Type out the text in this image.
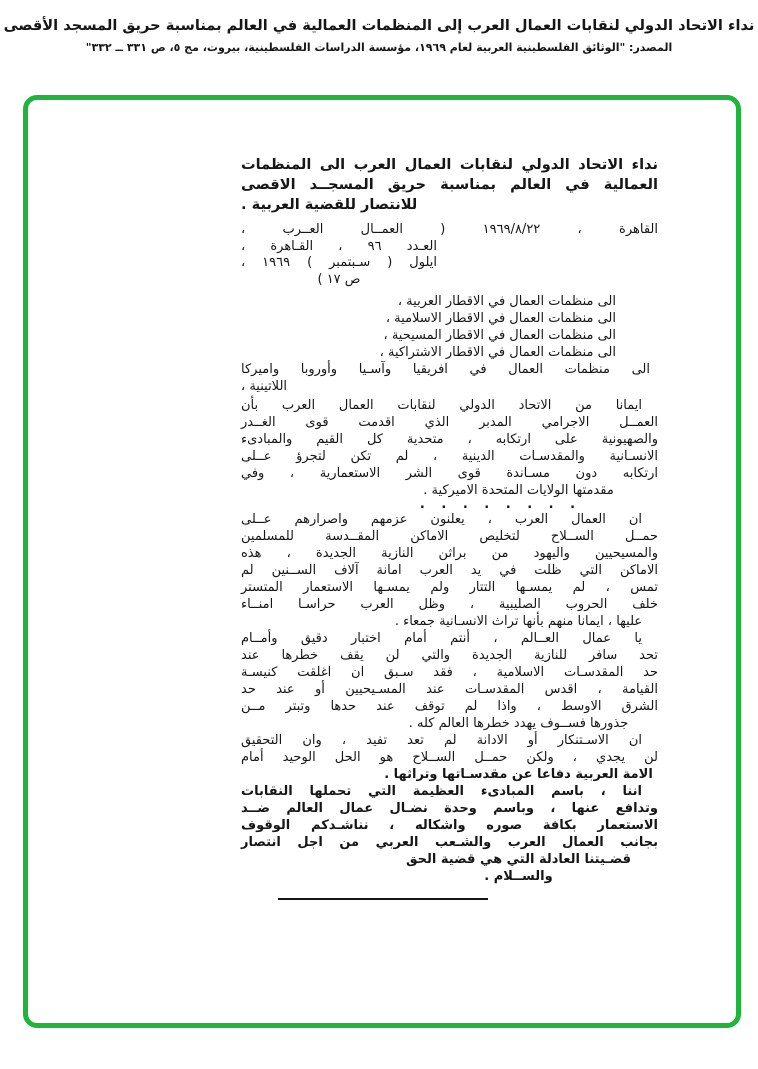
نداء الاتحاد الدولي لنقابات العمال العرب إلى المنظمات العمالية في العالم بمناسبة حريق المسجد الأقصى
المصدر: "الوثائق الفلسطينية العربية لعام ١٩٦٩، مؤسسة الدراسات الفلسطينية، بيروت، مج ٥، ص ٣٣١ ــ ٣٣٢"
نداء الاتحاد الدولي لنقابات العمال العرب الى المنظمات
العمالية في العالم بمناسبة حريق المسجــد الاقصى
للانتصار للقضية العربية .
القاهرة ، ١٩٦٩/٨/٢٢ ( العمــال العــرب ،
العـدد ٩٦ ، القـاهرة ،
ايلول ( سـبتمبر ) ١٩٦٩ ،
ص ١٧ )
الى منظمات العمال في الاقطار العربية ،
الى منظمات العمال في الاقطار الاسلامية ،
الى منظمات العمال في الاقطار المسيحية ،
الى منظمات العمال في الاقطار الاشتراكية ،
الى منظمات العمال في افريقيا وآسـيا وأوروبا واميركا
اللاتينية ،
ايمانا من الاتحاد الدولي لنقابات العمال العرب بأن
العمــل الاجرامي المدبر الذي اقدمت قوى الغــدر
والصهيونية على ارتكابه ، متحدية كل القيم والمبادىء
الانسـانية والمقدسـات الدينية ، لم تكن لتجرؤ عــلى
ارتكابه دون مسـاندة قوى الشر الاستعمارية ، وفي
مقدمتها الولايات المتحدة الاميركية .
. . . . . . . .
ان العمال العرب ، يعلنون عزمهم واصرارهم عــلى
حمــل الســلاح لتخليص الاماكن المقــدسة للمسلمين
والمسيحيين واليهود من براثن النازية الجديدة ، هذه
الاماكن التي ظلت في يد العرب امانة آلاف الســنين لم
تمس ، لم يمسـها التتار ولم يمسـها الاستعمار المتستر
خلف الحروب الصليبية ، وظل العرب حراسـا امنــاء
عليها ، ايمانا منهم بأنها تراث الانسـانية جمعاء .
يا عمال العــالم ، أنتم أمام اختبار دقيق وأمــام
تحد سافر للنازية الجديدة والتي لن يقف خطرها عند
حد المقدسـات الاسلامية ، فقد سـبق ان اغلقت كنيسـة
القيامة ، اقدس المقدسـات عند المسـيحيين أو عند حد
الشرق الاوسط ، واذا لم توقف عند حدها وتبتر مــن
جذورها فســوف يهدد خطرها العالم كله .
ان الاسـتنكار أو الادانة لم تعد تفيد ، وان التحقيق
لن يجدي ، ولكن حمــل الســلاح هو الحل الوحيد أمام
الامة العربية دفاعا عن مقدسـاتها وتراثها .
اننا ، باسم المبادىء العظيمة التي تحملها النقابات
وتدافع عنها ، وباسم وحدة نضـال عمال العالم ضــد
الاستعمار بكافة صوره واشكاله ، نناشـدكم الوقوف
بجانب العمال العرب والشـعب العربي من اجل انتصار
قضـيتنا العادلة التي هي قضية الحق والســلام .
